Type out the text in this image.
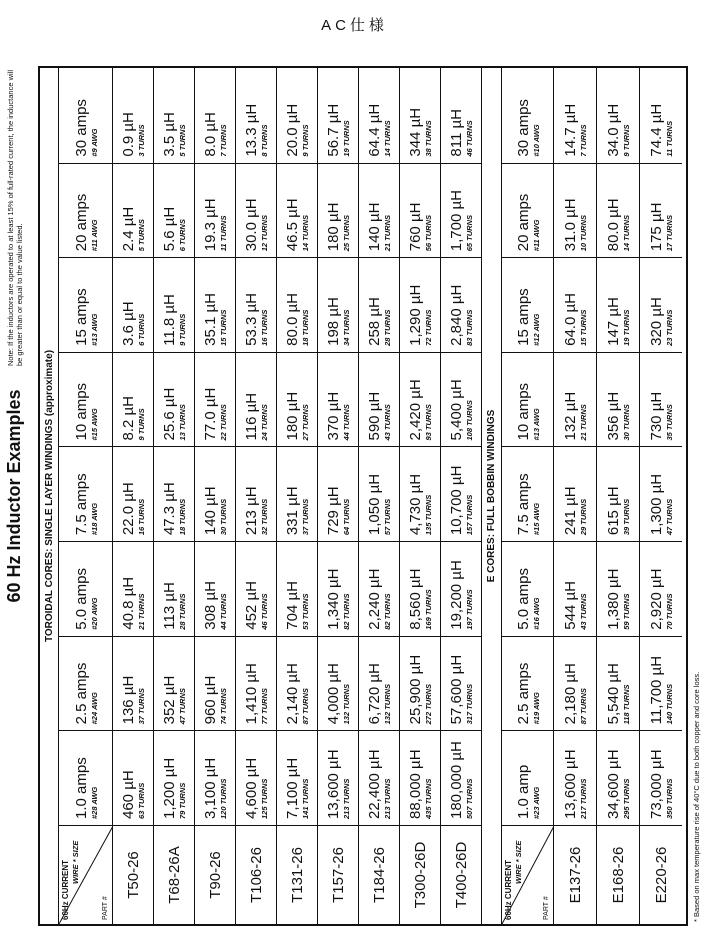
AC仕様
60 Hz Inductor Examples
Note: If the inductors are operated to at least 15% of full-rated current, the inductance will be greater than or equal to the value listed.
TOROIDAL CORES: SINGLE LAYER WINDINGS (approximate)
60Hz CURRENT WIRE * SIZE
PART #
1.0 amps #28 AWG
2.5 amps #24 AWG
5.0 amps #20 AWG
7.5 amps #18 AWG
10 amps #15 AWG
15 amps #13 AWG
20 amps #11 AWG
30 amps #9 AWG
T50-26
460 µH 63 TURNS
136 µH 37 TURNS
40.8 µH 21 TURNS
22.0 µH 16 TURNS
8.2 µH 9 TURNS
3.6 µH 6 TURNS
2.4 µH 5 TURNS
0.9 µH 3 TURNS
T68-26A
1,200 µH 79 TURNS
352 µH 47 TURNS
113 µH 28 TURNS
47.3 µH 18 TURNS
25.6 µH 13 TURNS
11.8 µH 9 TURNS
5.6 µH 6 TURNS
3.5 µH 5 TURNS
T90-26
3,100 µH 120 TURNS
960 µH 74 TURNS
308 µH 44 TURNS
140 µH 30 TURNS
77.0 µH 22 TURNS
35.1 µH 15 TURNS
19.3 µH 11 TURNS
8.0 µH 7 TURNS
T106-26
4,600 µH 125 TURNS
1,410 µH 77 TURNS
452 µH 46 TURNS
213 µH 32 TURNS
116 µH 24 TURNS
53.3 µH 16 TURNS
30.0 µH 12 TURNS
13.3 µH 8 TURNS
T131-26
7,100 µH 141 TURNS
2,140 µH 87 TURNS
704 µH 53 TURNS
331 µH 37 TURNS
180 µH 27 TURNS
80.0 µH 18 TURNS
46.5 µH 14 TURNS
20.0 µH 9 TURNS
T157-26
13,600 µH 213 TURNS
4,000 µH 132 TURNS
1,340 µH 82 TURNS
729 µH 64 TURNS
370 µH 44 TURNS
198 µH 34 TURNS
180 µH 25 TURNS
56.7 µH 19 TURNS
T184-26
22,400 µH 213 TURNS
6,720 µH 132 TURNS
2,240 µH 82 TURNS
1,050 µH 57 TURNS
590 µH 43 TURNS
258 µH 28 TURNS
140 µH 21 TURNS
64.4 µH 14 TURNS
T300-26D
88,000 µH 435 TURNS
25,900 µH 272 TURNS
8,560 µH 169 TURNS
4,730 µH 135 TURNS
2,420 µH 93 TURNS
1,290 µH 72 TURNS
760 µH 56 TURNS
344 µH 38 TURNS
T400-26D
180,000 µH 507 TURNS
57,600 µH 317 TURNS
19,200 µH 197 TURNS
10,700 µH 157 TURNS
5,400 µH 108 TURNS
2,840 µH 83 TURNS
1,700 µH 65 TURNS
811 µH 46 TURNS
E CORES: FULL BOBBIN WINDINGS
60Hz CURRENT WIRE * SIZE
PART #
1.0 amp #23 AWG
2.5 amps #19 AWG
5.0 amps #16 AWG
7.5 amps #15 AWG
10 amps #13 AWG
15 amps #12 AWG
20 amps #11 AWG
30 amps #10 AWG
E137-26
13,600 µH 217 TURNS
2,180 µH 87 TURNS
544 µH 43 TURNS
241 µH 29 TURNS
132 µH 21 TURNS
64.0 µH 15 TURNS
31.0 µH 10 TURNS
14.7 µH 7 TURNS
E168-26
34,600 µH 295 TURNS
5,540 µH 118 TURNS
1,380 µH 59 TURNS
615 µH 39 TURNS
356 µH 30 TURNS
147 µH 19 TURNS
80.0 µH 14 TURNS
34.0 µH 9 TURNS
E220-26
73,000 µH 350 TURNS
11,700 µH 140 TURNS
2,920 µH 70 TURNS
1,300 µH 47 TURNS
730 µH 35 TURNS
320 µH 23 TURNS
175 µH 17 TURNS
74.4 µH 11 TURNS
* Based on max temperature rise of 40°C due to both copper and core loss.
